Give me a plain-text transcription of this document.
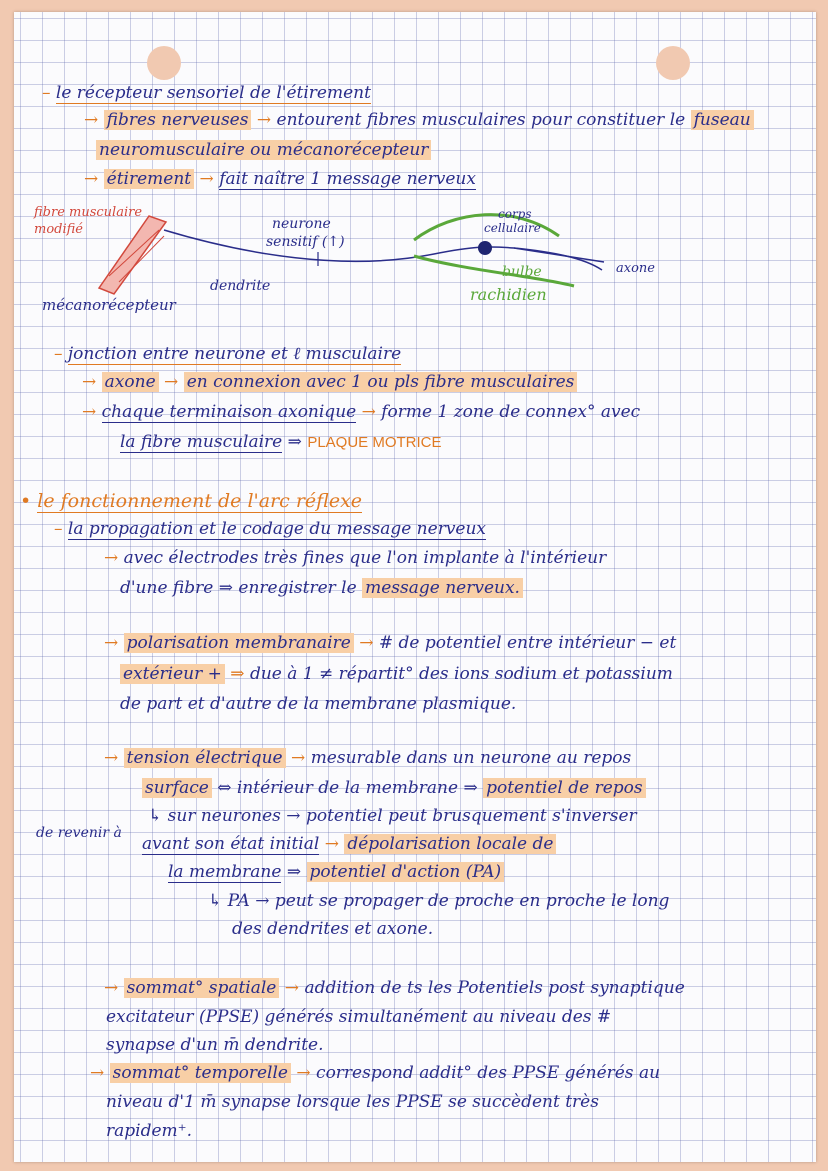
– le récepteur sensoriel de l'étirement
→ fibres nerveuses → entourent fibres musculaires pour constituer le fuseau
neuromusculaire ou mécanorécepteur
→ étirement → fait naître 1 message nerveux
fibre musculaire
modifié	neurone
sensitif (↑)
corps
cellulaire
axone
bulbe
rachidien
dendrite
mécanorécepteur
– jonction entre neurone et ℓ musculaire
→ axone → en connexion avec 1 ou pls fibre musculaires
→ chaque terminaison axonique → forme 1 zone de connex° avec
la fibre musculaire ⇒ PLAQUE MOTRICE
• le fonctionnement de l'arc réflexe
– la propagation et le codage du message nerveux
→ avec électrodes très fines que l'on implante à l'intérieur
d'une fibre ⇒ enregistrer le message nerveux.
→ polarisation membranaire → # de potentiel entre intérieur − et
extérieur + ⇒ due à 1 ≠ répartit° des ions sodium et potassium
de part et d'autre de la membrane plasmique.
→ tension électrique → mesurable dans un neurone au repos
surface ⇔ intérieur de la membrane ⇒ potentiel de repos
↳ sur neurones → potentiel peut brusquement s'inverser
de revenir à
avant son état initial → dépolarisation locale de
la membrane ⇒ potentiel d'action (PA)
↳ PA → peut se propager de proche en proche le long
des dendrites et axone.
→ sommat° spatiale → addition de ts les Potentiels post synaptique
excitateur (PPSE) générés simultanément au niveau des #
synapse d'un m̄ dendrite.
→ sommat° temporelle → correspond addit° des PPSE générés au
niveau d'1 m̄ synapse lorsque les PPSE se succèdent très
rapidem⁺.
